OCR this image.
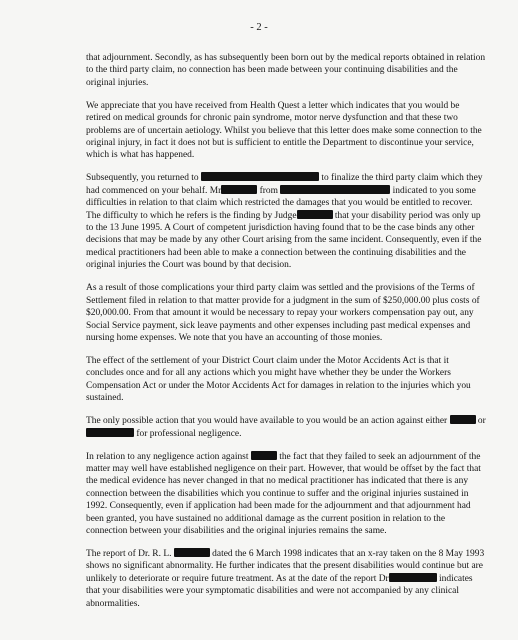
- 2 -

that adjournment. Secondly, as has subsequently been born out by the medical reports obtained in relation to the third party claim, no connection has been made between your continuing disabilities and the original injuries.

We appreciate that you have received from Health Quest a letter which indicates that you would be retired on medical grounds for chronic pain syndrome, motor nerve dysfunction and that these two problems are of uncertain aetiology. Whilst you believe that this letter does make some connection to the original injury, in fact it does not but is sufficient to entitle the Department to discontinue your service, which is what has happened.

Subsequently, you returned to	to finalize the third party claim which they had commenced on your behalf. Mr	from	indicated to you some difficulties in relation to that claim which restricted the damages that you would be entitled to recover. The difficulty to which he refers is the finding by Judge	that your disability period was only up to the 13 June 1995. A Court of competent jurisdiction having found that to be the case binds any other decisions that may be made by any other Court arising from the same incident. Consequently, even if the medical practitioners had been able to make a connection between the continuing disabilities and the original injuries the Court was bound by that decision.

As a result of those complications your third party claim was settled and the provisions of the Terms of Settlement filed in relation to that matter provide for a judgment in the sum of $250,000.00 plus costs of $20,000.00. From that amount it would be necessary to repay your workers compensation pay out, any Social Service payment, sick leave payments and other expenses including past medical expenses and nursing home expenses. We note that you have an accounting of those monies.

The effect of the settlement of your District Court claim under the Motor Accidents Act is that it concludes once and for all any actions which you might have whether they be under the Workers Compensation Act or under the Motor Accidents Act for damages in relation to the injuries which you sustained.

The only possible action that you would have available to you would be an action against either	or  for professional negligence.

In relation to any negligence action against	the fact that they failed to seek an adjournment of the matter may well have established negligence on their part. However, that would be offset by the fact that the medical evidence has never changed in that no medical practitioner has indicated that there is any connection between the disabilities which you continue to suffer and the original injuries sustained in 1992. Consequently, even if application had been made for the adjournment and that adjournment had been granted, you have sustained no additional damage as the current position in relation to the connection between your disabilities and the original injuries remains the same.

The report of Dr. R. L.	dated the 6 March 1998 indicates that an x-ray taken on the 8 May 1993 shows no significant abnormality. He further indicates that the present disabilities would continue but are unlikely to deteriorate or require future treatment. As at the date of the report Dr	indicates that your disabilities were your symptomatic disabilities and were not accompanied by any clinical abnormalities.
